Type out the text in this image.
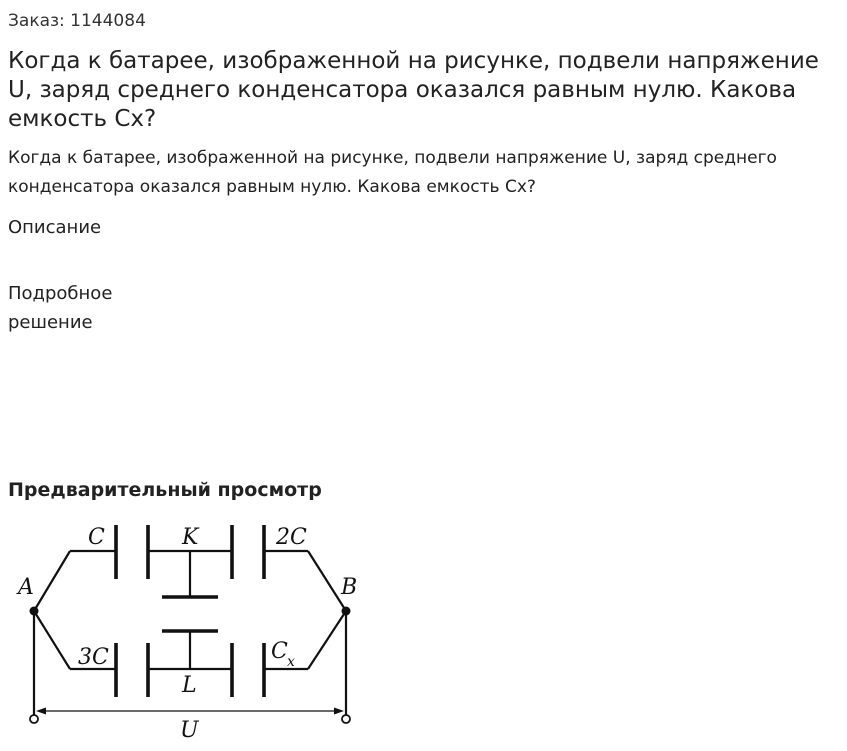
Заказ: 1144084
Когда к батарее, изображенной на рисунке, подвели напряжение U, заряд среднего конденсатора оказался равным нулю. Какова емкость Сх?
Когда к батарее, изображенной на рисунке, подвели напряжение U, заряд среднего конденсатора оказался равным нулю. Какова емкость Сх?
Описание
Подробное
решение
Предварительный просмотр
C	K	2C
A	B
3C
L
C x
U
